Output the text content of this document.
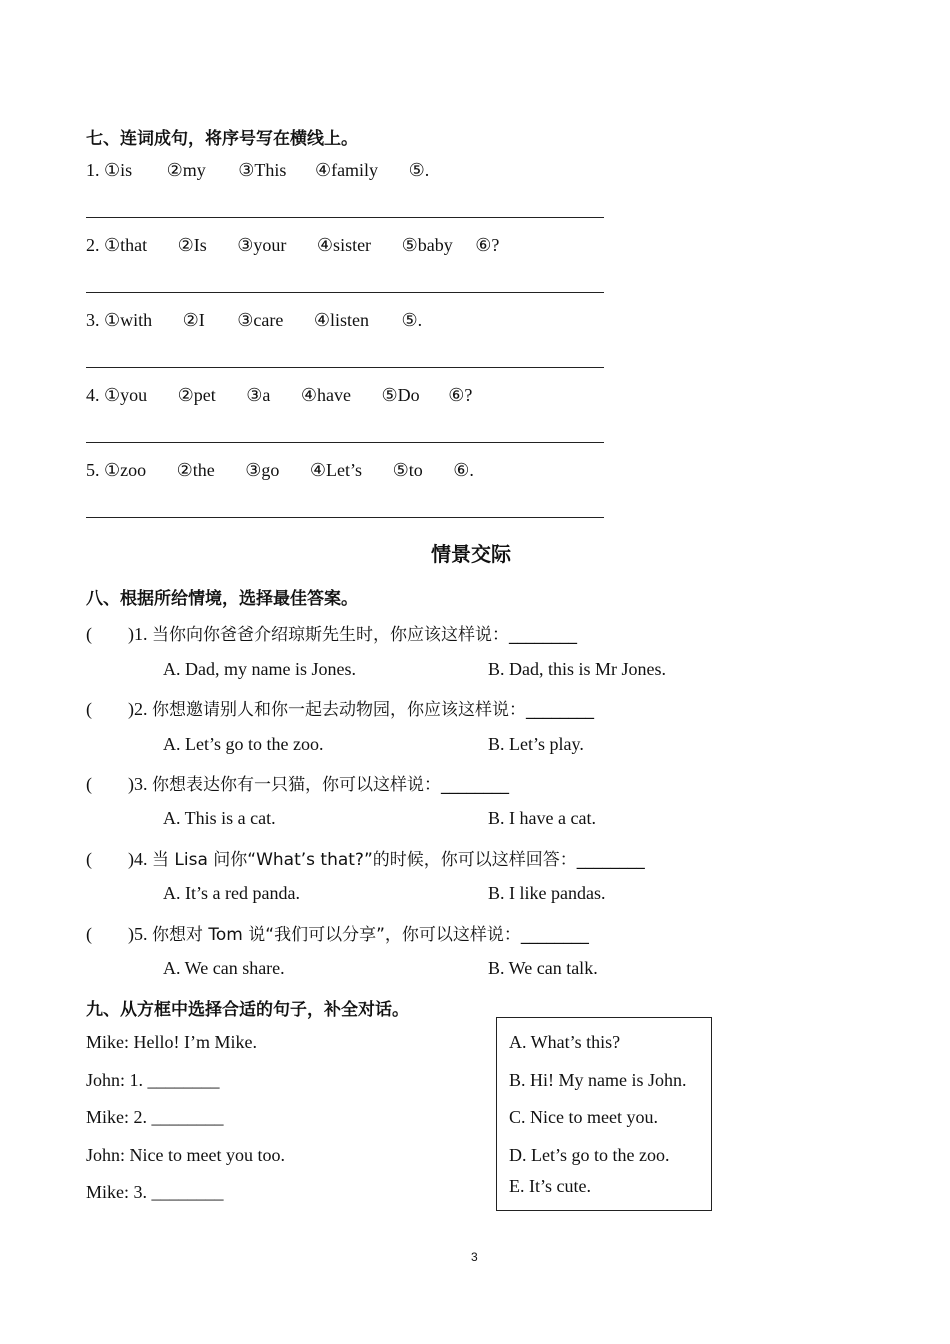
七、连词成句，将序号写在横线上。
1. ①is ②my ③This ④family ⑤.
2. ①that ②Is ③your ④sister ⑤baby ⑥?
3. ①with ②I ③care ④listen ⑤.
4. ①you ②pet ③a ④have ⑤Do ⑥?
5. ①zoo ②the ③go ④Let’s ⑤to ⑥.
情景交际
八、根据所给情境，选择最佳答案。
( )1. 当你向你爸爸介绍琼斯先生时，你应该这样说：________
A. Dad, my name is Jones.	B. Dad, this is Mr Jones.
( )2. 你想邀请别人和你一起去动物园，你应该这样说：________
A. Let’s go to the zoo.	B. Let’s play.
( )3. 你想表达你有一只猫，你可以这样说：________
A. This is a cat.	B. I have a cat.
( )4. 当 Lisa 问你“What’s that?”的时候，你可以这样回答：________
A. It’s a red panda.	B. I like pandas.
( )5. 你想对 Tom 说“我们可以分享”，你可以这样说：________
A. We can share.	B. We can talk.
九、从方框中选择合适的句子，补全对话。
Mike: Hello! I’m Mike.
John: 1. ________
Mike: 2. ________
John: Nice to meet you too.
Mike: 3. ________
A. What’s this?
B. Hi! My name is John.
C. Nice to meet you.
D. Let’s go to the zoo.
E. It’s cute.
3
